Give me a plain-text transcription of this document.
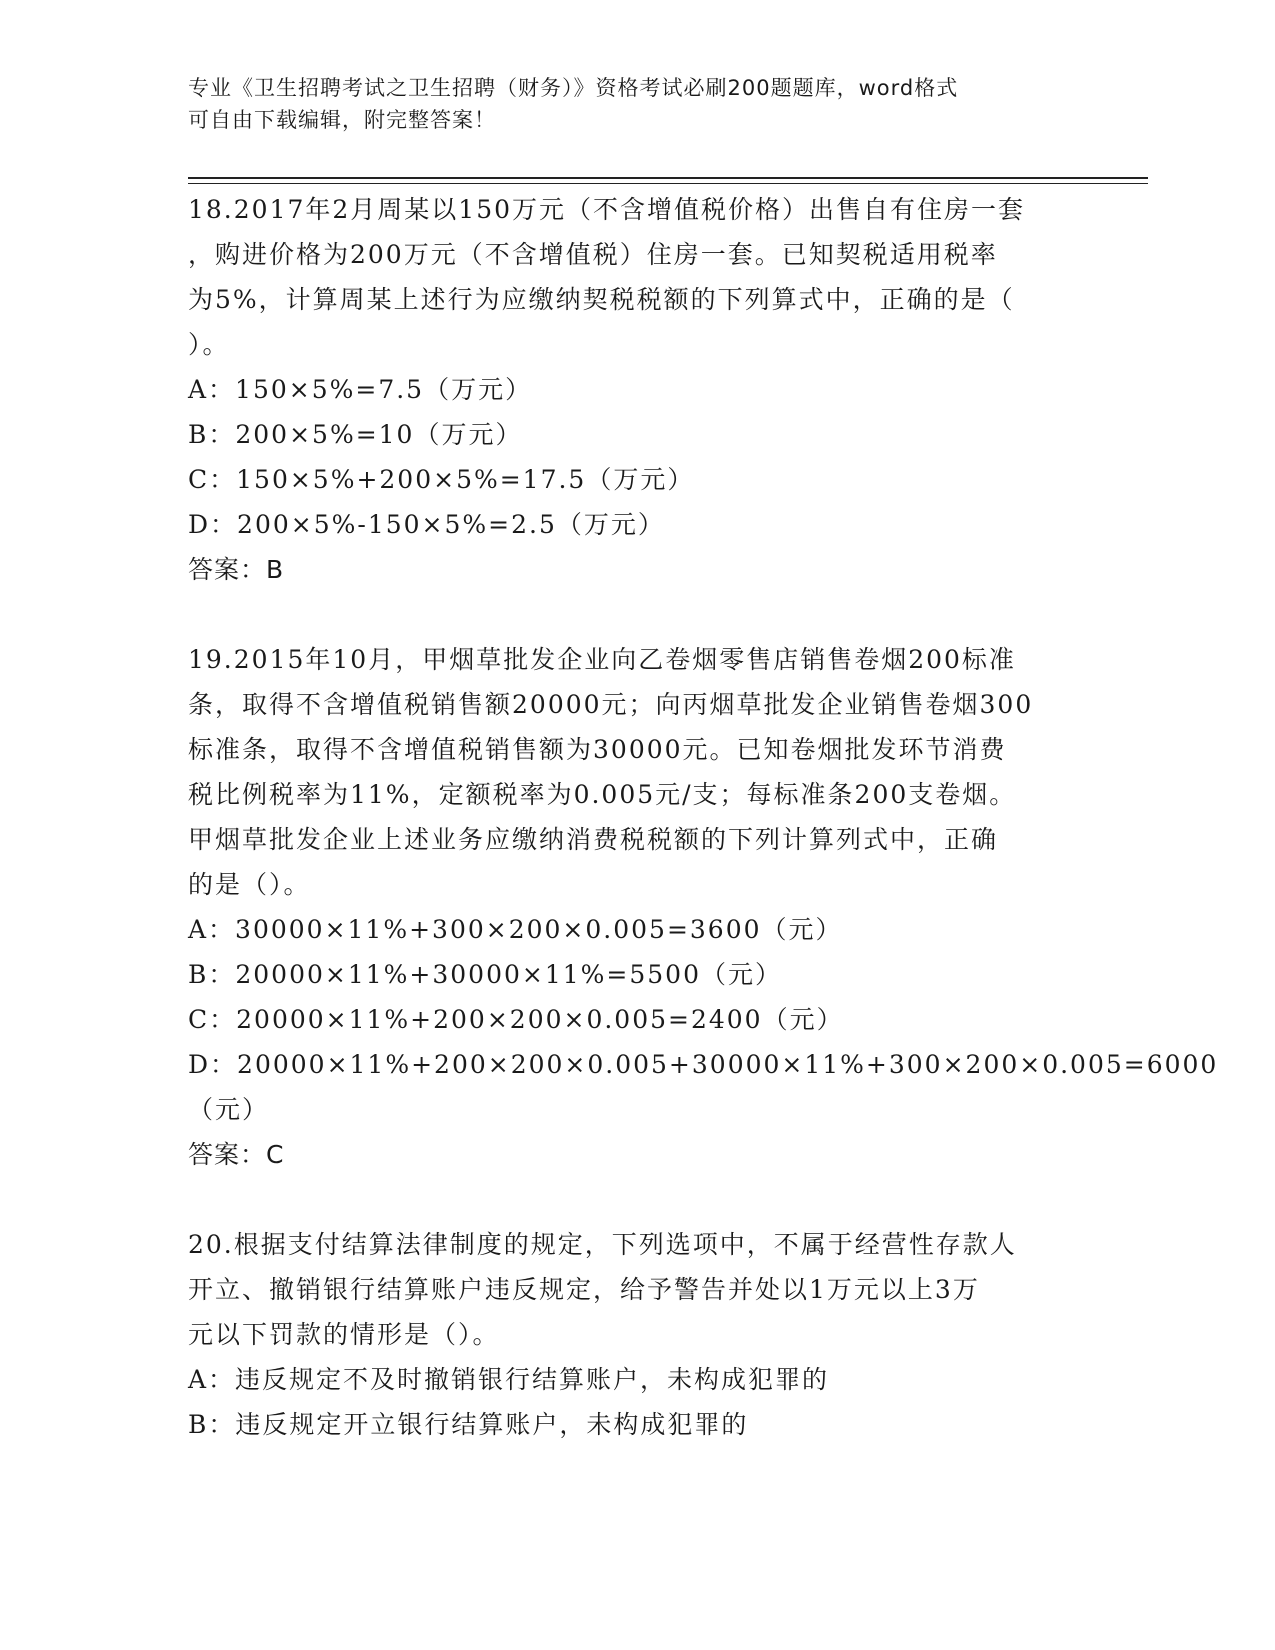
专业《卫生招聘考试之卫生招聘（财务）》资格考试必刷200题题库，word格式
可自由下载编辑，附完整答案！
18.2017年2月周某以150万元（不含增值税价格）出售自有住房一套
，购进价格为200万元（不含增值税）住房一套。已知契税适用税率
为5%，计算周某上述行为应缴纳契税税额的下列算式中，正确的是（
）。
A：150×5%=7.5（万元）
B：200×5%=10（万元）
C：150×5%+200×5%=17.5（万元）
D：200×5%-150×5%=2.5（万元）
答案：B
19.2015年10月，甲烟草批发企业向乙卷烟零售店销售卷烟200标准
条，取得不含增值税销售额20000元；向丙烟草批发企业销售卷烟300
标准条，取得不含增值税销售额为30000元。已知卷烟批发环节消费
税比例税率为11%，定额税率为0.005元/支；每标准条200支卷烟。
甲烟草批发企业上述业务应缴纳消费税税额的下列计算列式中，正确
的是（）。
A：30000×11%+300×200×0.005=3600（元）
B：20000×11%+30000×11%=5500（元）
C：20000×11%+200×200×0.005=2400（元）
D：20000×11%+200×200×0.005+30000×11%+300×200×0.005=6000
（元）
答案：C
20.根据支付结算法律制度的规定，下列选项中，不属于经营性存款人
开立、撤销银行结算账户违反规定，给予警告并处以1万元以上3万
元以下罚款的情形是（）。
A：违反规定不及时撤销银行结算账户，未构成犯罪的
B：违反规定开立银行结算账户，未构成犯罪的
